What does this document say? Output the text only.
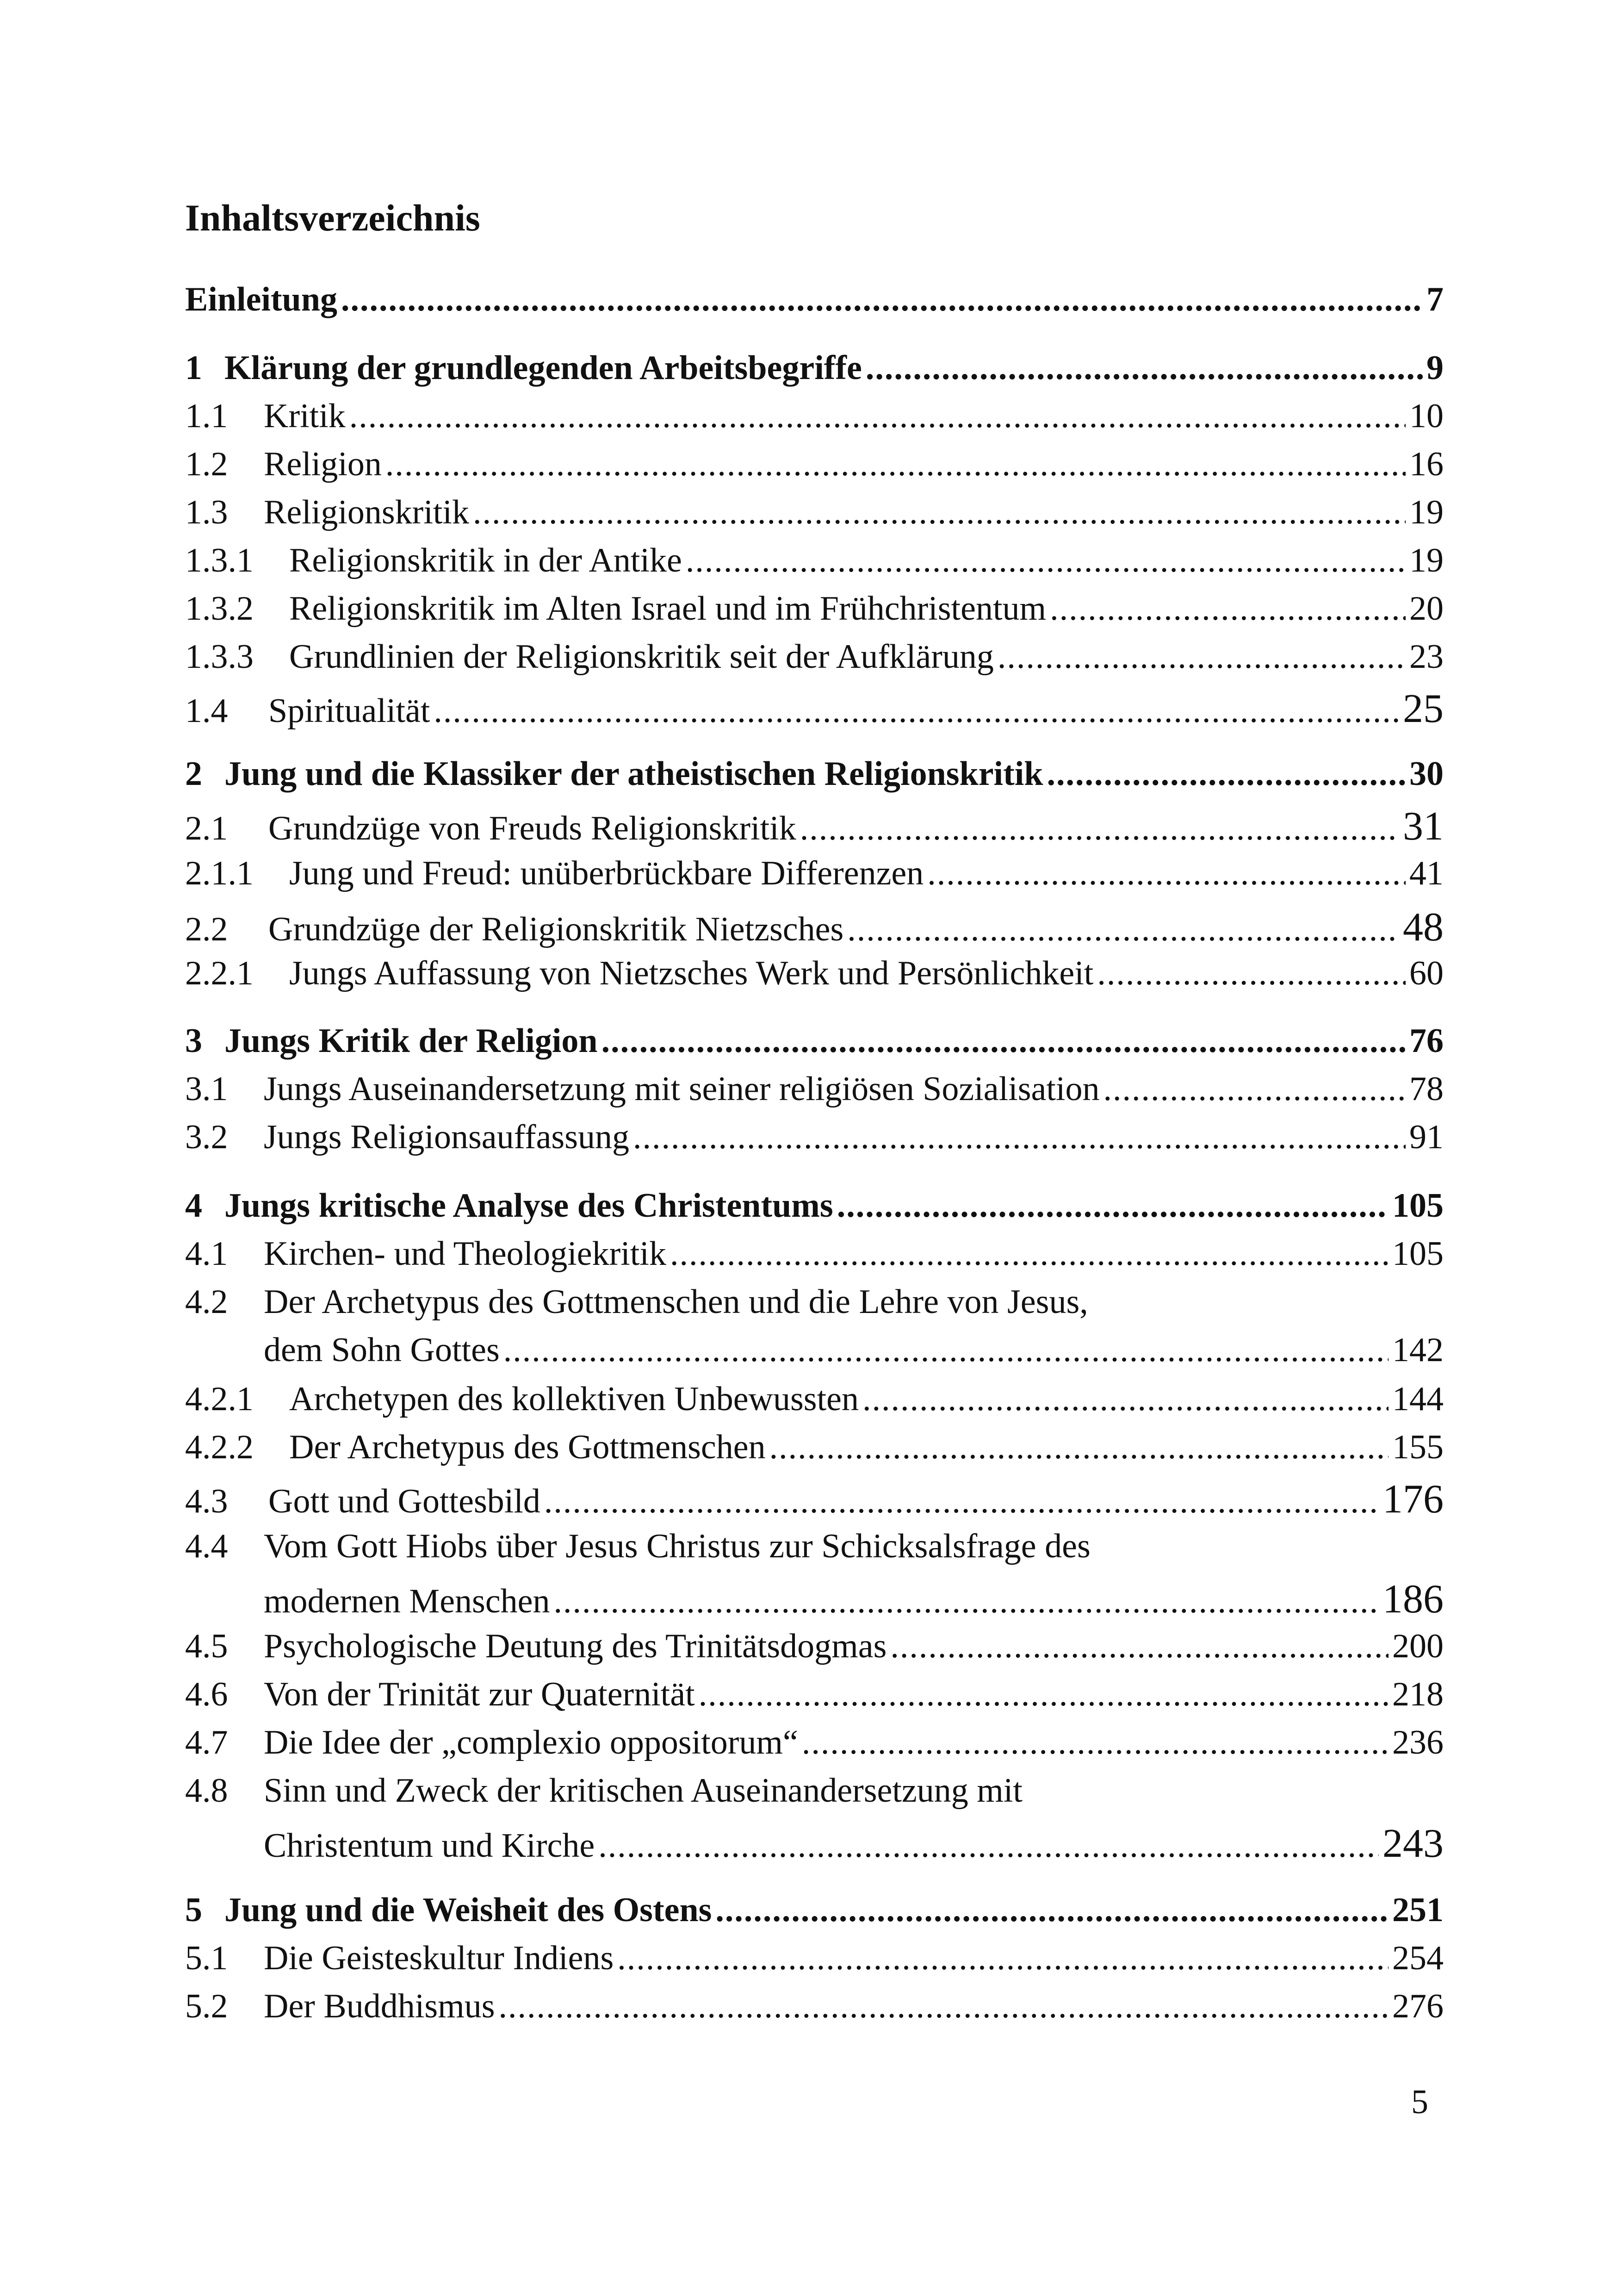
Inhaltsverzeichnis
Einleitung .....	7
1 Klärung der grundlegenden Arbeitsbegriffe .....	9
1.1	Kritik .....	10
1.2	Religion .....	16
1.3	Religionskritik .....	19
1.3.1	Religionskritik in der Antike .....	19
1.3.2	Religionskritik im Alten Israel und im Frühchristentum .....	20
1.3.3	Grundlinien der Religionskritik seit der Aufklärung .....	23
1.4	Spiritualität .....	25
2 Jung und die Klassiker der atheistischen Religionskritik .....	30
2.1	Grundzüge von Freuds Religionskritik .....	31
2.1.1	Jung und Freud: unüberbrückbare Differenzen .....	41
2.2	Grundzüge der Religionskritik Nietzsches .....	48
2.2.1	Jungs Auffassung von Nietzsches Werk und Persönlichkeit .....	60
3 Jungs Kritik der Religion .....	76
3.1	Jungs Auseinandersetzung mit seiner religiösen Sozialisation .....	78
3.2	Jungs Religionsauffassung .....	91
4 Jungs kritische Analyse des Christentums .....	105
4.1	Kirchen- und Theologiekritik .....	105
4.2	Der Archetypus des Gottmenschen und die Lehre von Jesus,
dem Sohn Gottes .....	142
4.2.1	Archetypen des kollektiven Unbewussten .....	144
4.2.2	Der Archetypus des Gottmenschen .....	155
4.3	Gott und Gottesbild .....	176
4.4	Vom Gott Hiobs über Jesus Christus zur Schicksalsfrage des
modernen Menschen .....	186
4.5	Psychologische Deutung des Trinitätsdogmas .....	200
4.6	Von der Trinität zur Quaternität .....	218
4.7	Die Idee der „complexio oppositorum“ .....	236
4.8	Sinn und Zweck der kritischen Auseinandersetzung mit
Christentum und Kirche .....	243
5 Jung und die Weisheit des Ostens .....	251
5.1	Die Geisteskultur Indiens .....	254
5.2	Der Buddhismus .....	276
5
